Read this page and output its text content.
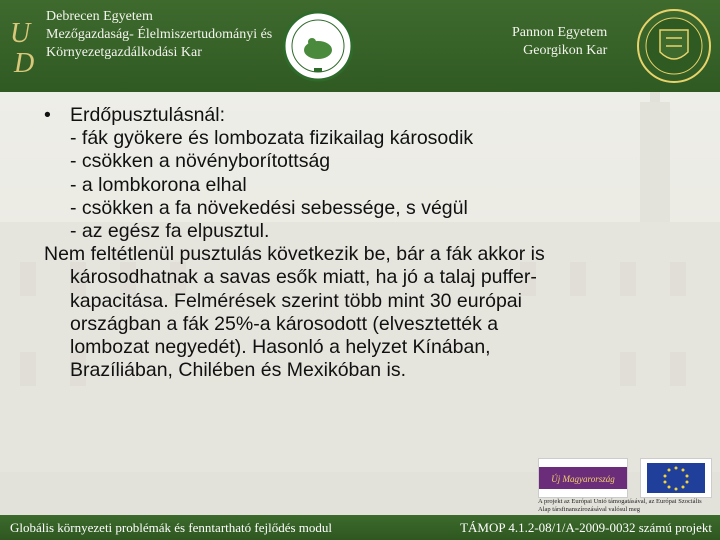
U
D
Debrecen Egyetem
Mezőgazdaság- Élelmiszertudományi és
Környezetgazdálkodási Kar
Pannon Egyetem
Georgikon Kar
• Erdőpusztulásnál:
- fák gyökere és lombozata fizikailag károsodik
- csökken a növényborítottság
- a lombkorona elhal
- csökken a fa növekedési sebessége, s végül
- az egész fa elpusztul.
Nem feltétlenül pusztulás következik be, bár a fák akkor is
károsodhatnak a savas esők miatt, ha jó a talaj puffer-
kapacitása. Felmérések szerint több mint 30 európai
országban a fák 25%-a károsodott (elvesztették a
lombozat negyedét). Hasonló a helyzet Kínában,
Brazíliában, Chilében és Mexikóban is.
Új Magyarország
A projekt az Európai Unió támogatásával, az Európai Szociális Alap társfinanszírozásával valósul meg
Globális környezeti problémák és fenntartható fejlődés modul	TÁMOP 4.1.2-08/1/A-2009-0032 számú projekt
